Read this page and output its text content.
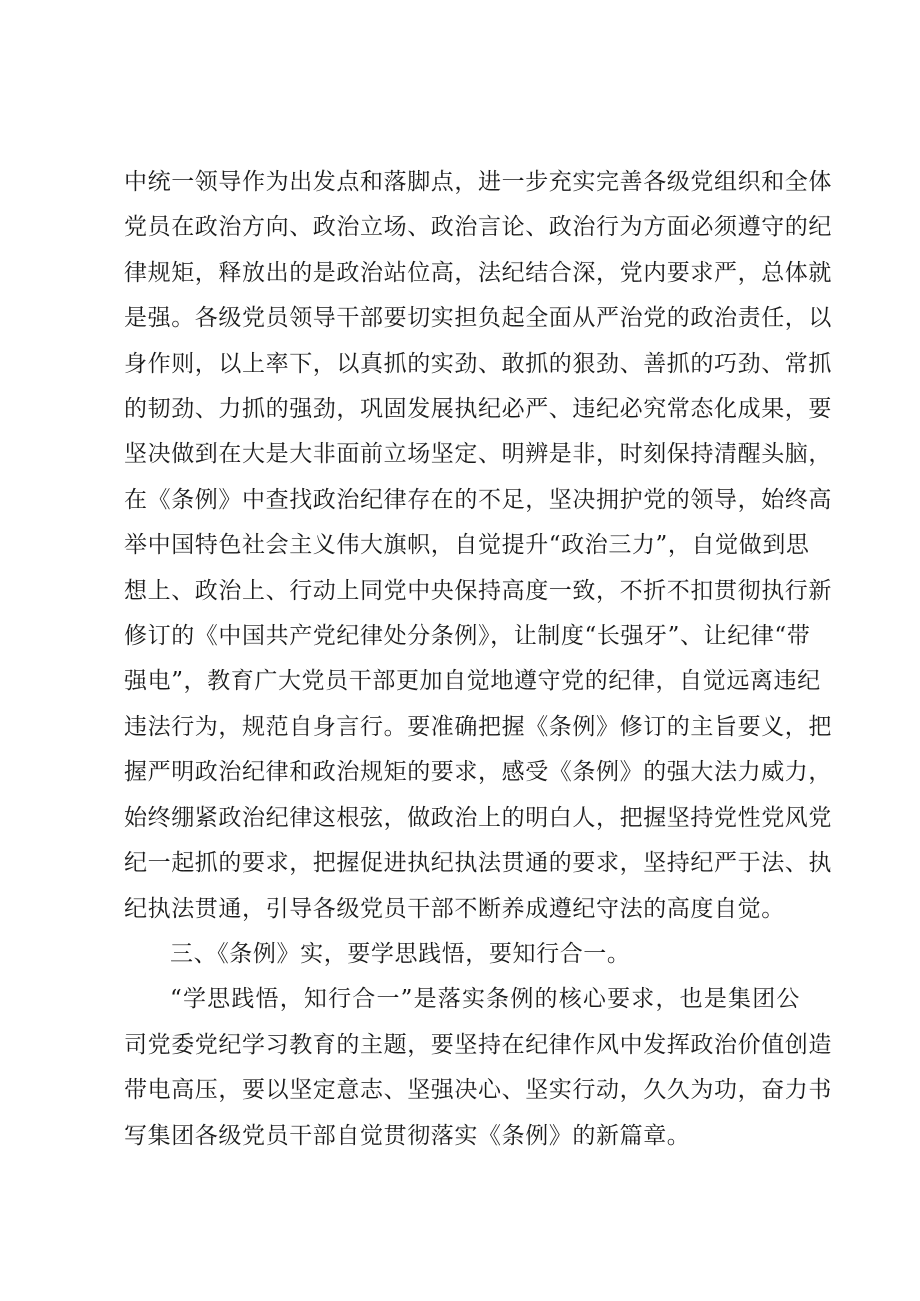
中统一领导作为出发点和落脚点，进一步充实完善各级党组织和全体
党员在政治方向、政治立场、政治言论、政治行为方面必须遵守的纪
律规矩，释放出的是政治站位高，法纪结合深，党内要求严，总体就
是强。各级党员领导干部要切实担负起全面从严治党的政治责任，以
身作则，以上率下，以真抓的实劲、敢抓的狠劲、善抓的巧劲、常抓
的韧劲、力抓的强劲，巩固发展执纪必严、违纪必究常态化成果，要
坚决做到在大是大非面前立场坚定、明辨是非，时刻保持清醒头脑，
在《条例》中查找政治纪律存在的不足，坚决拥护党的领导，始终高
举中国特色社会主义伟大旗帜，自觉提升“政治三力”，自觉做到思
想上、政治上、行动上同党中央保持高度一致，不折不扣贯彻执行新
修订的《中国共产党纪律处分条例》，让制度“长强牙”、让纪律“带
强电”，教育广大党员干部更加自觉地遵守党的纪律，自觉远离违纪
违法行为，规范自身言行。要准确把握《条例》修订的主旨要义，把
握严明政治纪律和政治规矩的要求，感受《条例》的强大法力威力，
始终绷紧政治纪律这根弦，做政治上的明白人，把握坚持党性党风党
纪一起抓的要求，把握促进执纪执法贯通的要求，坚持纪严于法、执
纪执法贯通，引导各级党员干部不断养成遵纪守法的高度自觉。
三、《条例》实，要学思践悟，要知行合一。
“学思践悟，知行合一”是落实条例的核心要求，也是集团公
司党委党纪学习教育的主题，要坚持在纪律作风中发挥政治价值创造
带电高压，要以坚定意志、坚强决心、坚实行动，久久为功，奋力书
写集团各级党员干部自觉贯彻落实《条例》的新篇章。
